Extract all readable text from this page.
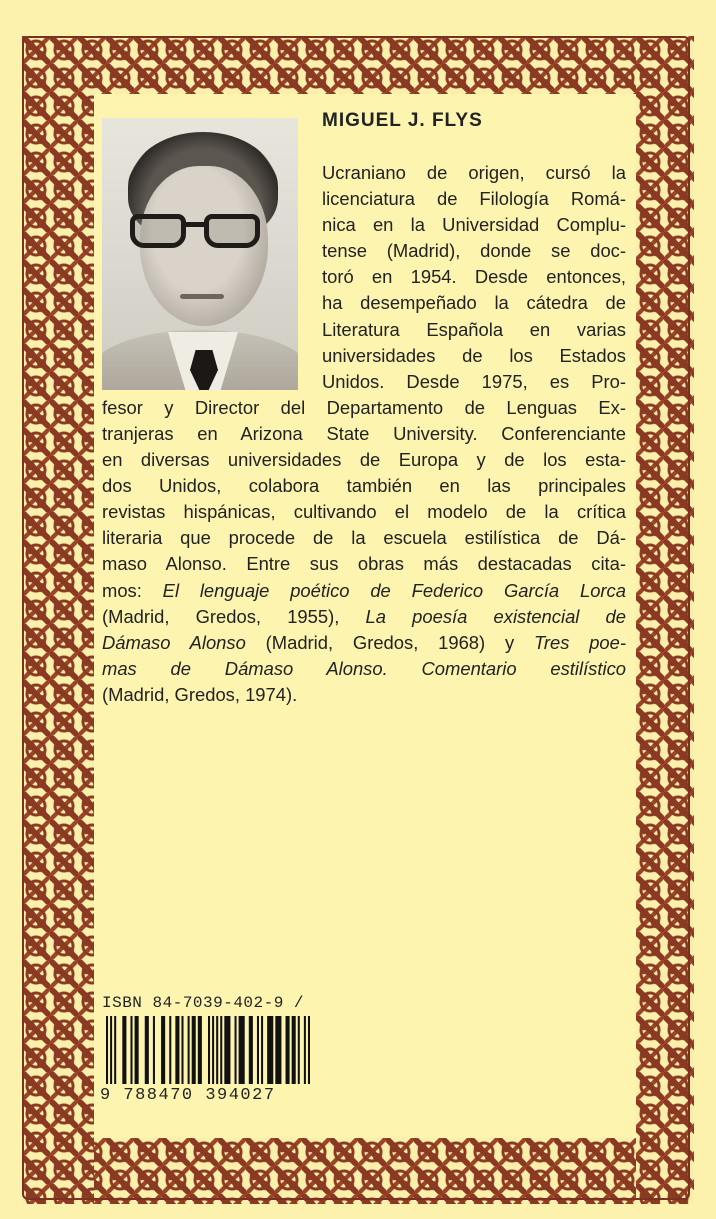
MIGUEL J. FLYS
Ucraniano de origen, cursó la
licenciatura de Filología Romá-
nica en la Universidad Complu-
tense (Madrid), donde se doc-
toró en 1954. Desde entonces,
ha desempeñado la cátedra de
Literatura Española en varias
universidades de los Estados
Unidos. Desde 1975, es Pro-
fesor y Director del Departamento de Lenguas Ex-
tranjeras en Arizona State University. Conferenciante
en diversas universidades de Europa y de los esta-
dos Unidos, colabora también en las principales
revistas hispánicas, cultivando el modelo de la crítica
literaria que procede de la escuela estilística de Dá-
maso Alonso. Entre sus obras más destacadas cita-
mos: El lenguaje poético de Federico García Lorca
(Madrid, Gredos, 1955), La poesía existencial de
Dámaso Alonso (Madrid, Gredos, 1968) y Tres poe-
mas de Dámaso Alonso. Comentario estilístico
(Madrid, Gredos, 1974).

ISBN 84-7039-402-9 /

9 788470 394027
